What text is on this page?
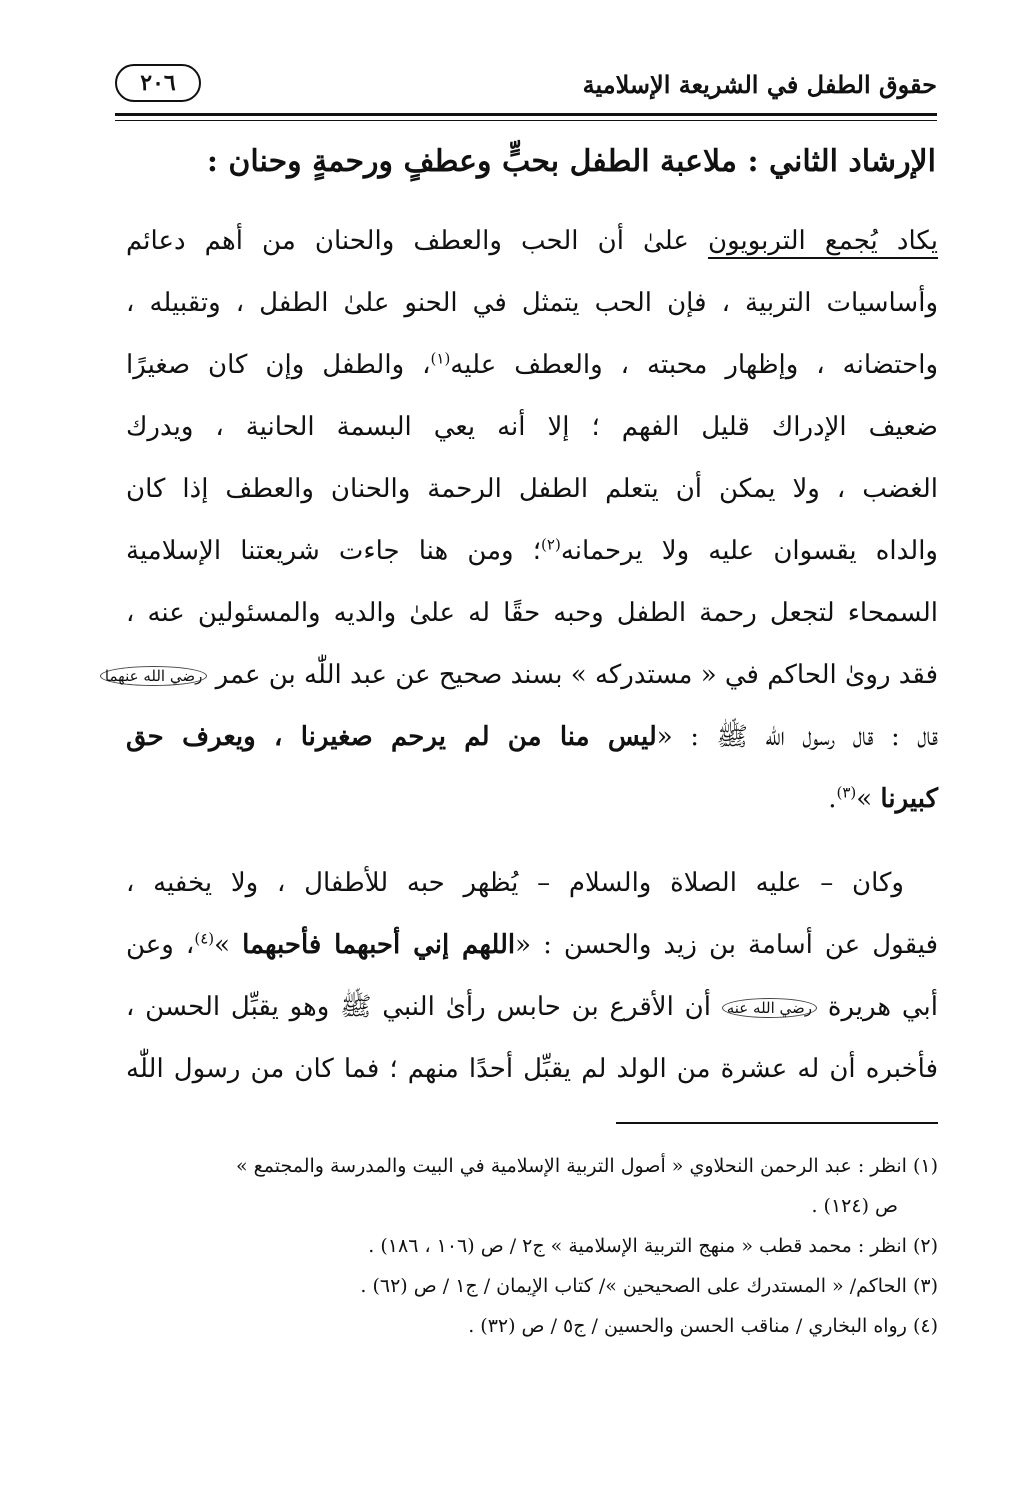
حقوق الطفل في الشريعة الإسلامية
٢٠٦
الإرشاد الثاني : ملاعبة الطفل بحبٍّ وعطفٍ ورحمةٍ وحنان :
يكاد يُجمع التربويون علىٰ أن الحب والعطف والحنان من أهم دعائم
وأساسيات التربية ، فإن الحب يتمثل في الحنو علىٰ الطفل ، وتقبيله ،
واحتضانه ، وإظهار محبته ، والعطف عليه$^{(١)}$، والطفل وإن كان صغيرًا
ضعيف الإدراك قليل الفهم ؛ إلا أنه يعي البسمة الحانية ، ويدرك
الغضب ، ولا يمكن أن يتعلم الطفل الرحمة والحنان والعطف إذا كان
والداه يقسوان عليه ولا يرحمانه$^{(٢)}$؛ ومن هنا جاءت شريعتنا الإسلامية
السمحاء لتجعل رحمة الطفل وحبه حقًا له علىٰ والديه والمسئولين عنه ،
فقد روىٰ الحاكم في « مستدركه » بسند صحيح عن عبد اللّٰه بن عمر رضي الله عنهما
قال : قال رسول اللّٰه ﷺ : «ليس منا من لم يرحم صغيرنا ، ويعرف حق
كبيرنا »$^{(٣)}$.
وكان – عليه الصلاة والسلام – يُظهر حبه للأطفال ، ولا يخفيه ،
فيقول عن أسامة بن زيد والحسن : «اللهم إني أحبهما فأحبهما »$^{(٤)}$، وعن
أبي هريرة رضي الله عنه أن الأقرع بن حابس رأىٰ النبي ﷺ وهو يقبِّل الحسن ،
فأخبره أن له عشرة من الولد لم يقبِّل أحدًا منهم ؛ فما كان من رسول اللّٰه
(١) انظر : عبد الرحمن النحلاوي « أصول التربية الإسلامية في البيت والمدرسة والمجتمع »
ص (١٢٤) .
(٢) انظر : محمد قطب « منهج التربية الإسلامية » ج٢ / ص (١٠٦ ، ١٨٦) .
(٣) الحاكم/ « المستدرك على الصحيحين »/ كتاب الإيمان / ج١ / ص (٦٢) .
(٤) رواه البخاري / مناقب الحسن والحسين / ج٥ / ص (٣٢) .
